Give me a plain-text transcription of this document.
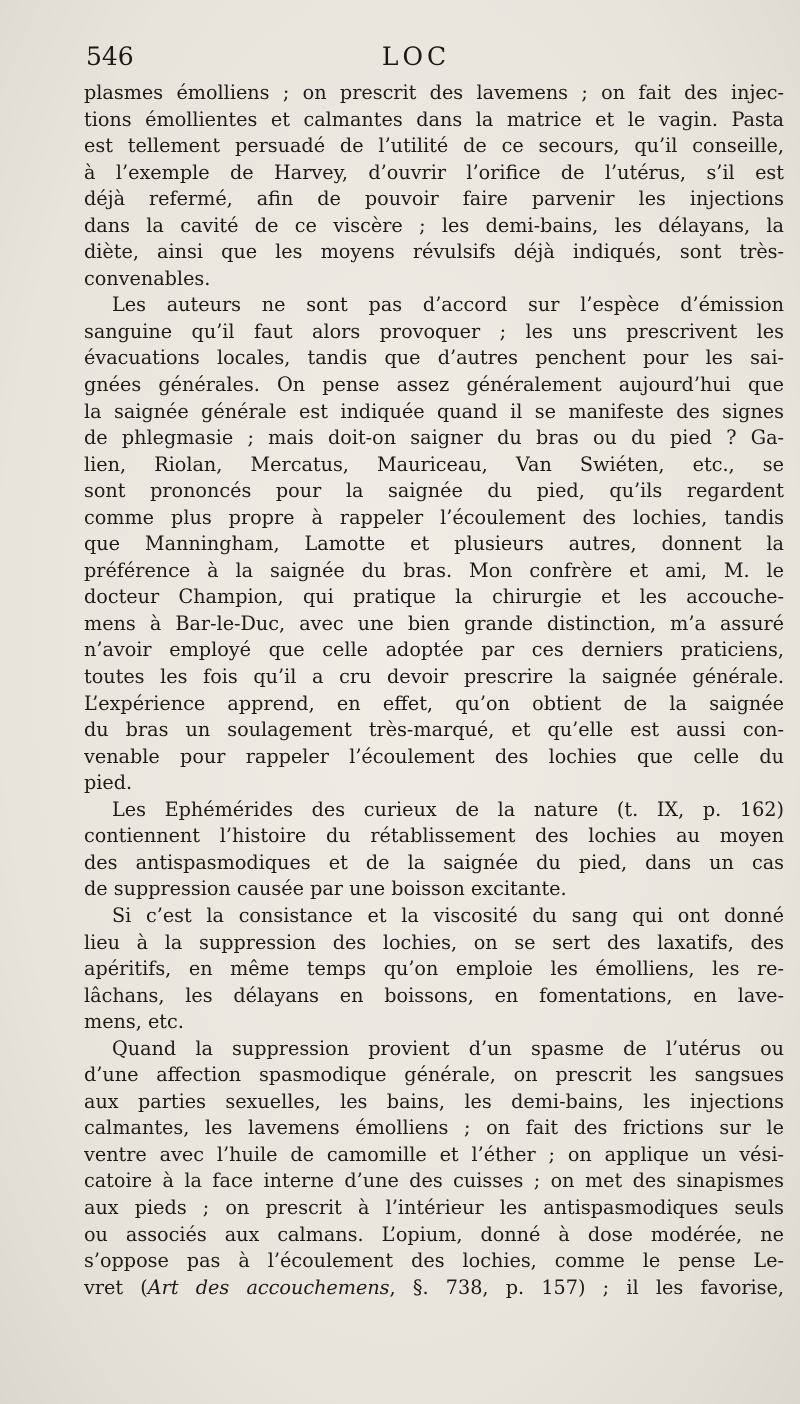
546	LOC
plasmes émolliens ; on prescrit des lavemens ; on fait des injec-
tions émollientes et calmantes dans la matrice et le vagin. Pasta
est tellement persuadé de l’utilité de ce secours, qu’il conseille,
à l’exemple de Harvey, d’ouvrir l’orifice de l’utérus, s’il est
déjà refermé, afin de pouvoir faire parvenir les injections
dans la cavité de ce viscère ; les demi-bains, les délayans, la
diète, ainsi que les moyens révulsifs déjà indiqués, sont très-
convenables.
Les auteurs ne sont pas d’accord sur l’espèce d’émission
sanguine qu’il faut alors provoquer ; les uns prescrivent les
évacuations locales, tandis que d’autres penchent pour les sai-
gnées générales. On pense assez généralement aujourd’hui que
la saignée générale est indiquée quand il se manifeste des signes
de phlegmasie ; mais doit-on saigner du bras ou du pied ? Ga-
lien, Riolan, Mercatus, Mauriceau, Van Swiéten, etc., se
sont prononcés pour la saignée du pied, qu’ils regardent
comme plus propre à rappeler l’écoulement des lochies, tandis
que Manningham, Lamotte et plusieurs autres, donnent la
préférence à la saignée du bras. Mon confrère et ami, M. le
docteur Champion, qui pratique la chirurgie et les accouche-
mens à Bar-le-Duc, avec une bien grande distinction, m’a assuré
n’avoir employé que celle adoptée par ces derniers praticiens,
toutes les fois qu’il a cru devoir prescrire la saignée générale.
L’expérience apprend, en effet, qu’on obtient de la saignée
du bras un soulagement très-marqué, et qu’elle est aussi con-
venable pour rappeler l’écoulement des lochies que celle du
pied.
Les Ephémérides des curieux de la nature (t. IX, p. 162)
contiennent l’histoire du rétablissement des lochies au moyen
des antispasmodiques et de la saignée du pied, dans un cas
de suppression causée par une boisson excitante.
Si c’est la consistance et la viscosité du sang qui ont donné
lieu à la suppression des lochies, on se sert des laxatifs, des
apéritifs, en même temps qu’on emploie les émolliens, les re-
lâchans, les délayans en boissons, en fomentations, en lave-
mens, etc.
Quand la suppression provient d’un spasme de l’utérus ou
d’une affection spasmodique générale, on prescrit les sangsues
aux parties sexuelles, les bains, les demi-bains, les injections
calmantes, les lavemens émolliens ; on fait des frictions sur le
ventre avec l’huile de camomille et l’éther ; on applique un vési-
catoire à la face interne d’une des cuisses ; on met des sinapismes
aux pieds ; on prescrit à l’intérieur les antispasmodiques seuls
ou associés aux calmans. L’opium, donné à dose modérée, ne
s’oppose pas à l’écoulement des lochies, comme le pense Le-
vret (Art des accouchemens, §. 738, p. 157) ; il les favorise,
